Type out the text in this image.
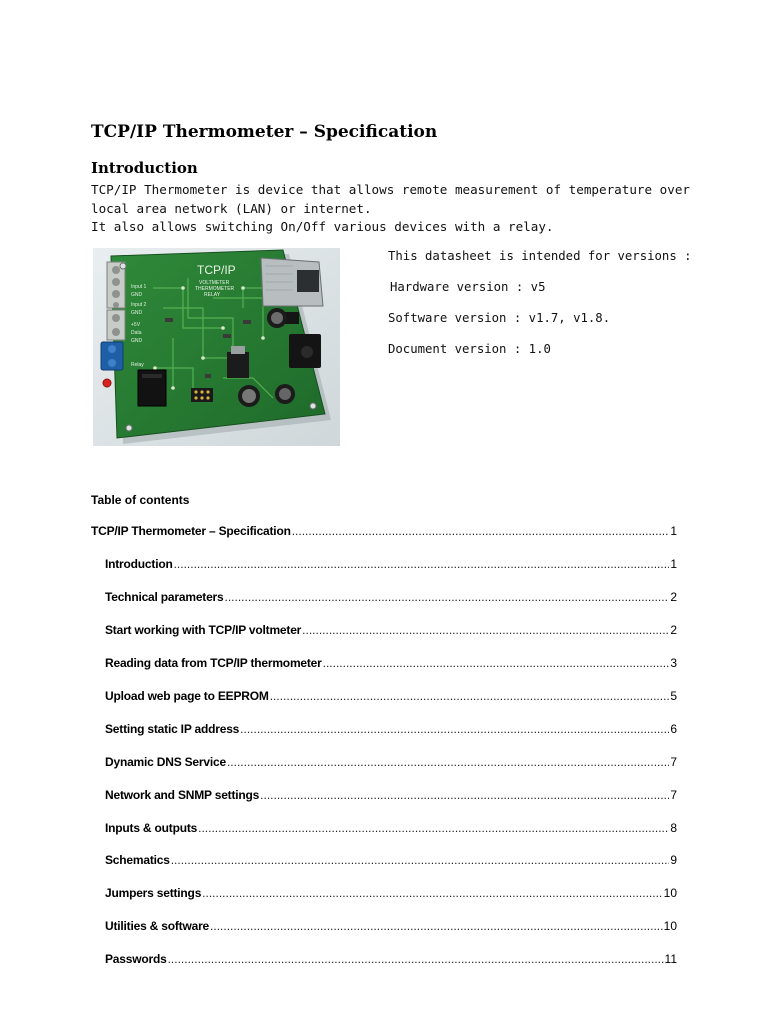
TCP/IP Thermometer – Specification
Introduction
TCP/IP Thermometer is device that allows remote measurement of temperature over
local area network (LAN) or internet.
It also allows switching On/Off various devices with a relay.
TCP/IP
VOLTMETER
THERMOMETER
RELAY
Input 1
GND
Input 2
GND
+5V
Data
GND
Relay
This datasheet is intended for versions :
Hardware version : v5
Software version : v1.7, v1.8.
Document version : 1.0
Table of contents
TCP/IP Thermometer – Specification .....	1
Introduction .....	1
Technical parameters .....	2
Start working with TCP/IP voltmeter .....	2
Reading data from TCP/IP thermometer .....	3
Upload web page to EEPROM .....	5
Setting static IP address .....	6
Dynamic DNS Service .....	7
Network and SNMP settings .....	7
Inputs & outputs .....	8
Schematics .....	9
Jumpers settings .....	10
Utilities & software .....	10
Passwords .....	11
